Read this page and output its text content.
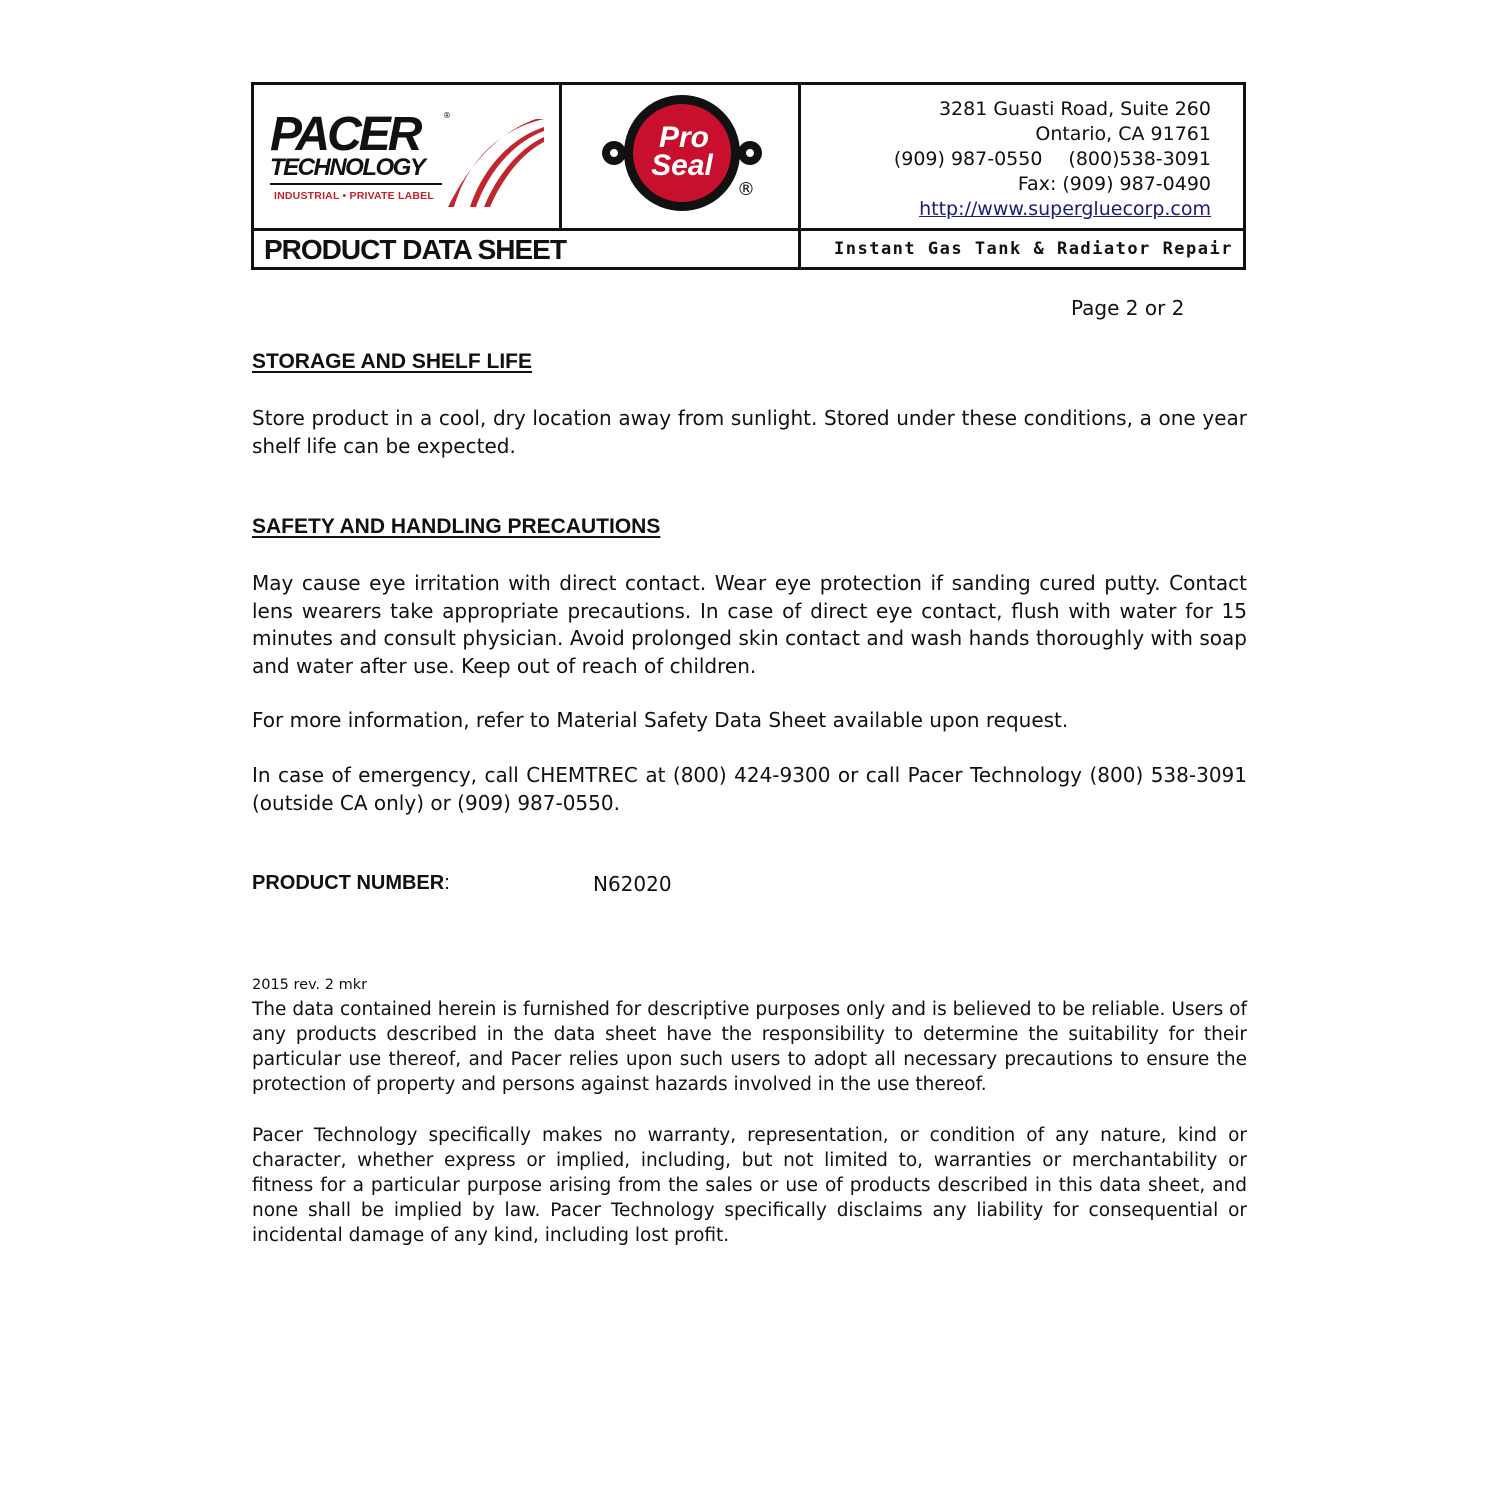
PACER	®
TECHNOLOGY
INDUSTRIAL • PRIVATE LABEL
Pro
Seal
®
3281 Guasti Road, Suite 260
Ontario, CA 91761
(909) 987-0550 (800)538-3091
Fax: (909) 987-0490
http://www.supergluecorp.com
PRODUCT DATA SHEET	Instant Gas Tank & Radiator Repair
Page 2 or 2
STORAGE AND SHELF LIFE
Store product in a cool, dry location away from sunlight. Stored under these conditions, a one year shelf life can be expected.
SAFETY AND HANDLING PRECAUTIONS
May cause eye irritation with direct contact. Wear eye protection if sanding cured putty. Contact lens wearers take appropriate precautions. In case of direct eye contact, flush with water for 15 minutes and consult physician. Avoid prolonged skin contact and wash hands thoroughly with soap and water after use. Keep out of reach of children.
For more information, refer to Material Safety Data Sheet available upon request.
In case of emergency, call CHEMTREC at (800) 424-9300 or call Pacer Technology (800) 538-3091 (outside CA only) or (909) 987-0550.
PRODUCT NUMBER:	N62020
2015 rev. 2 mkr
The data contained herein is furnished for descriptive purposes only and is believed to be reliable. Users of any products described in the data sheet have the responsibility to determine the suitability for their particular use thereof, and Pacer relies upon such users to adopt all necessary precautions to ensure the protection of property and persons against hazards involved in the use thereof.
Pacer Technology specifically makes no warranty, representation, or condition of any nature, kind or character, whether express or implied, including, but not limited to, warranties or merchantability or fitness for a particular purpose arising from the sales or use of products described in this data sheet, and none shall be implied by law. Pacer Technology specifically disclaims any liability for consequential or incidental damage of any kind, including lost profit.
